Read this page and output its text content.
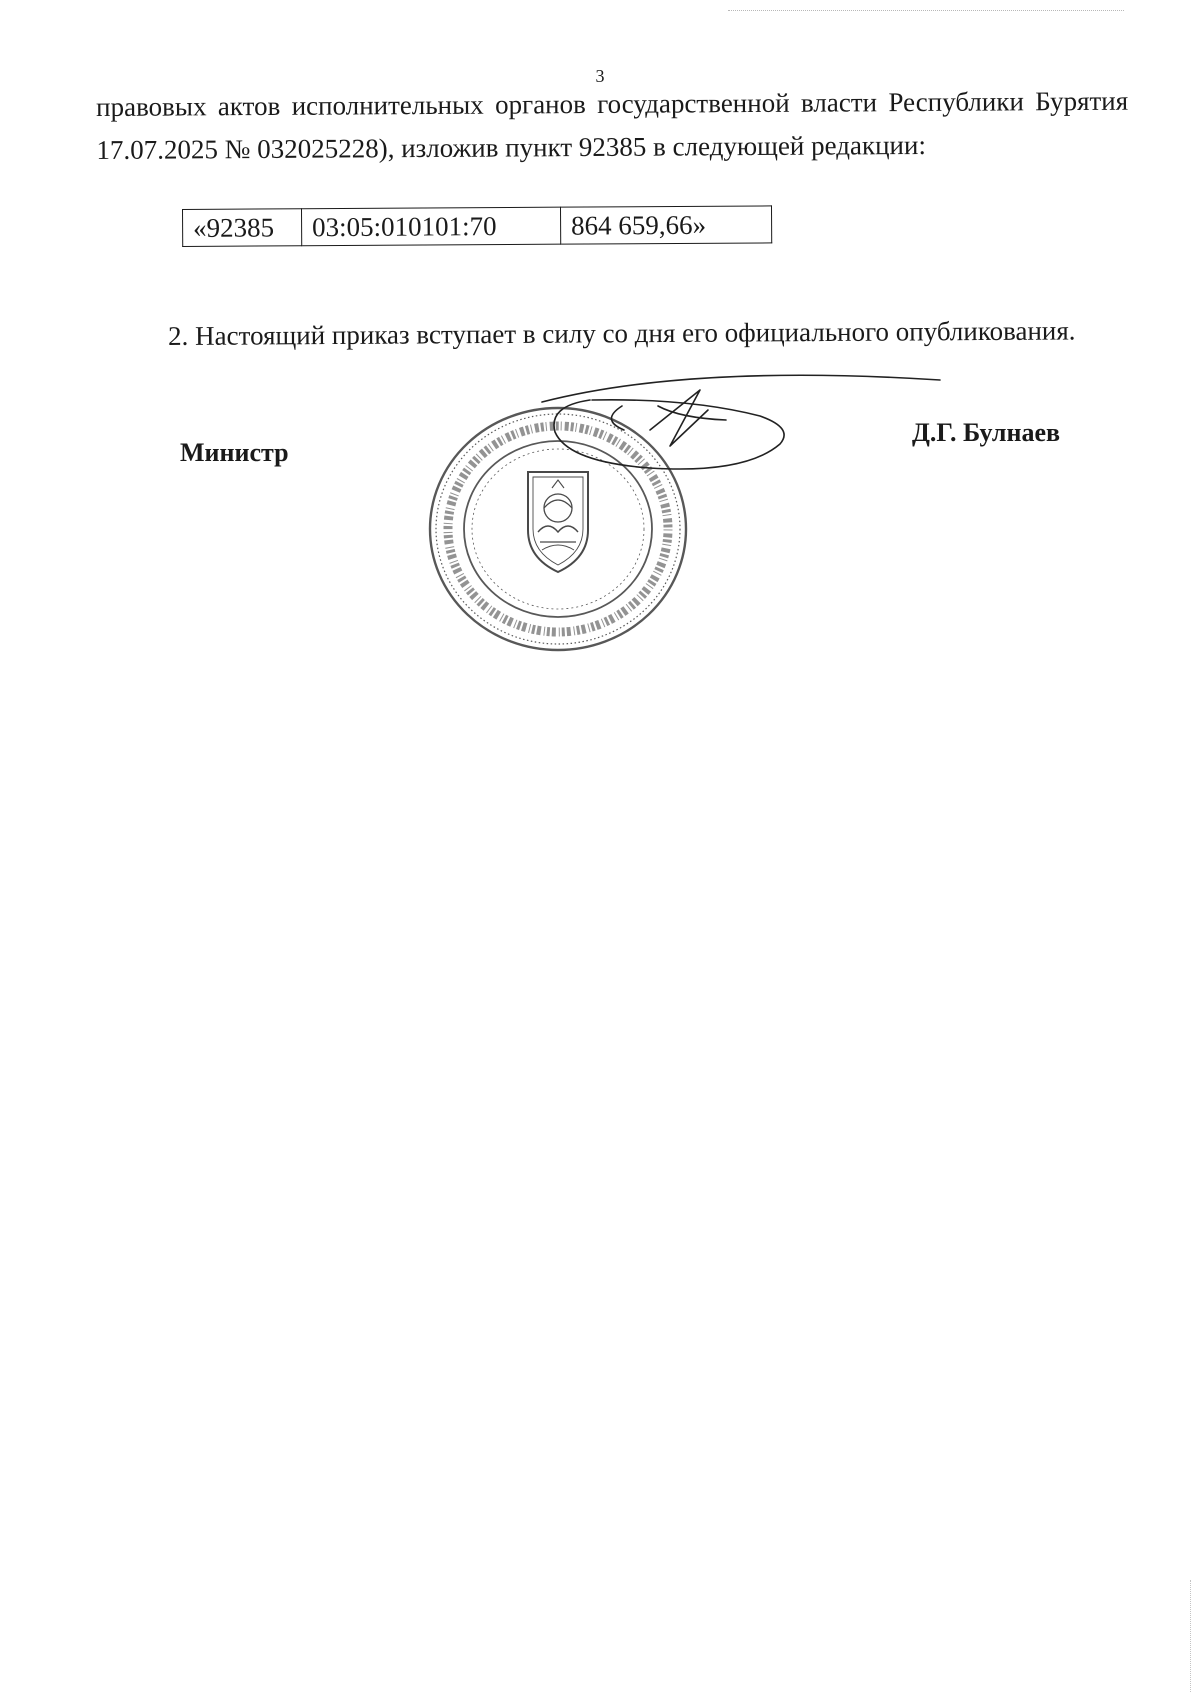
3
правовых актов исполнительных органов государственной власти Республики Бурятия 17.07.2025 № 032025228), изложив пункт 92385 в следующей редакции:
«92385	03:05:010101:70	864 659,66»
2. Настоящий приказ вступает в силу со дня его официального опубликования.
Министр
Д.Г. Булнаев
